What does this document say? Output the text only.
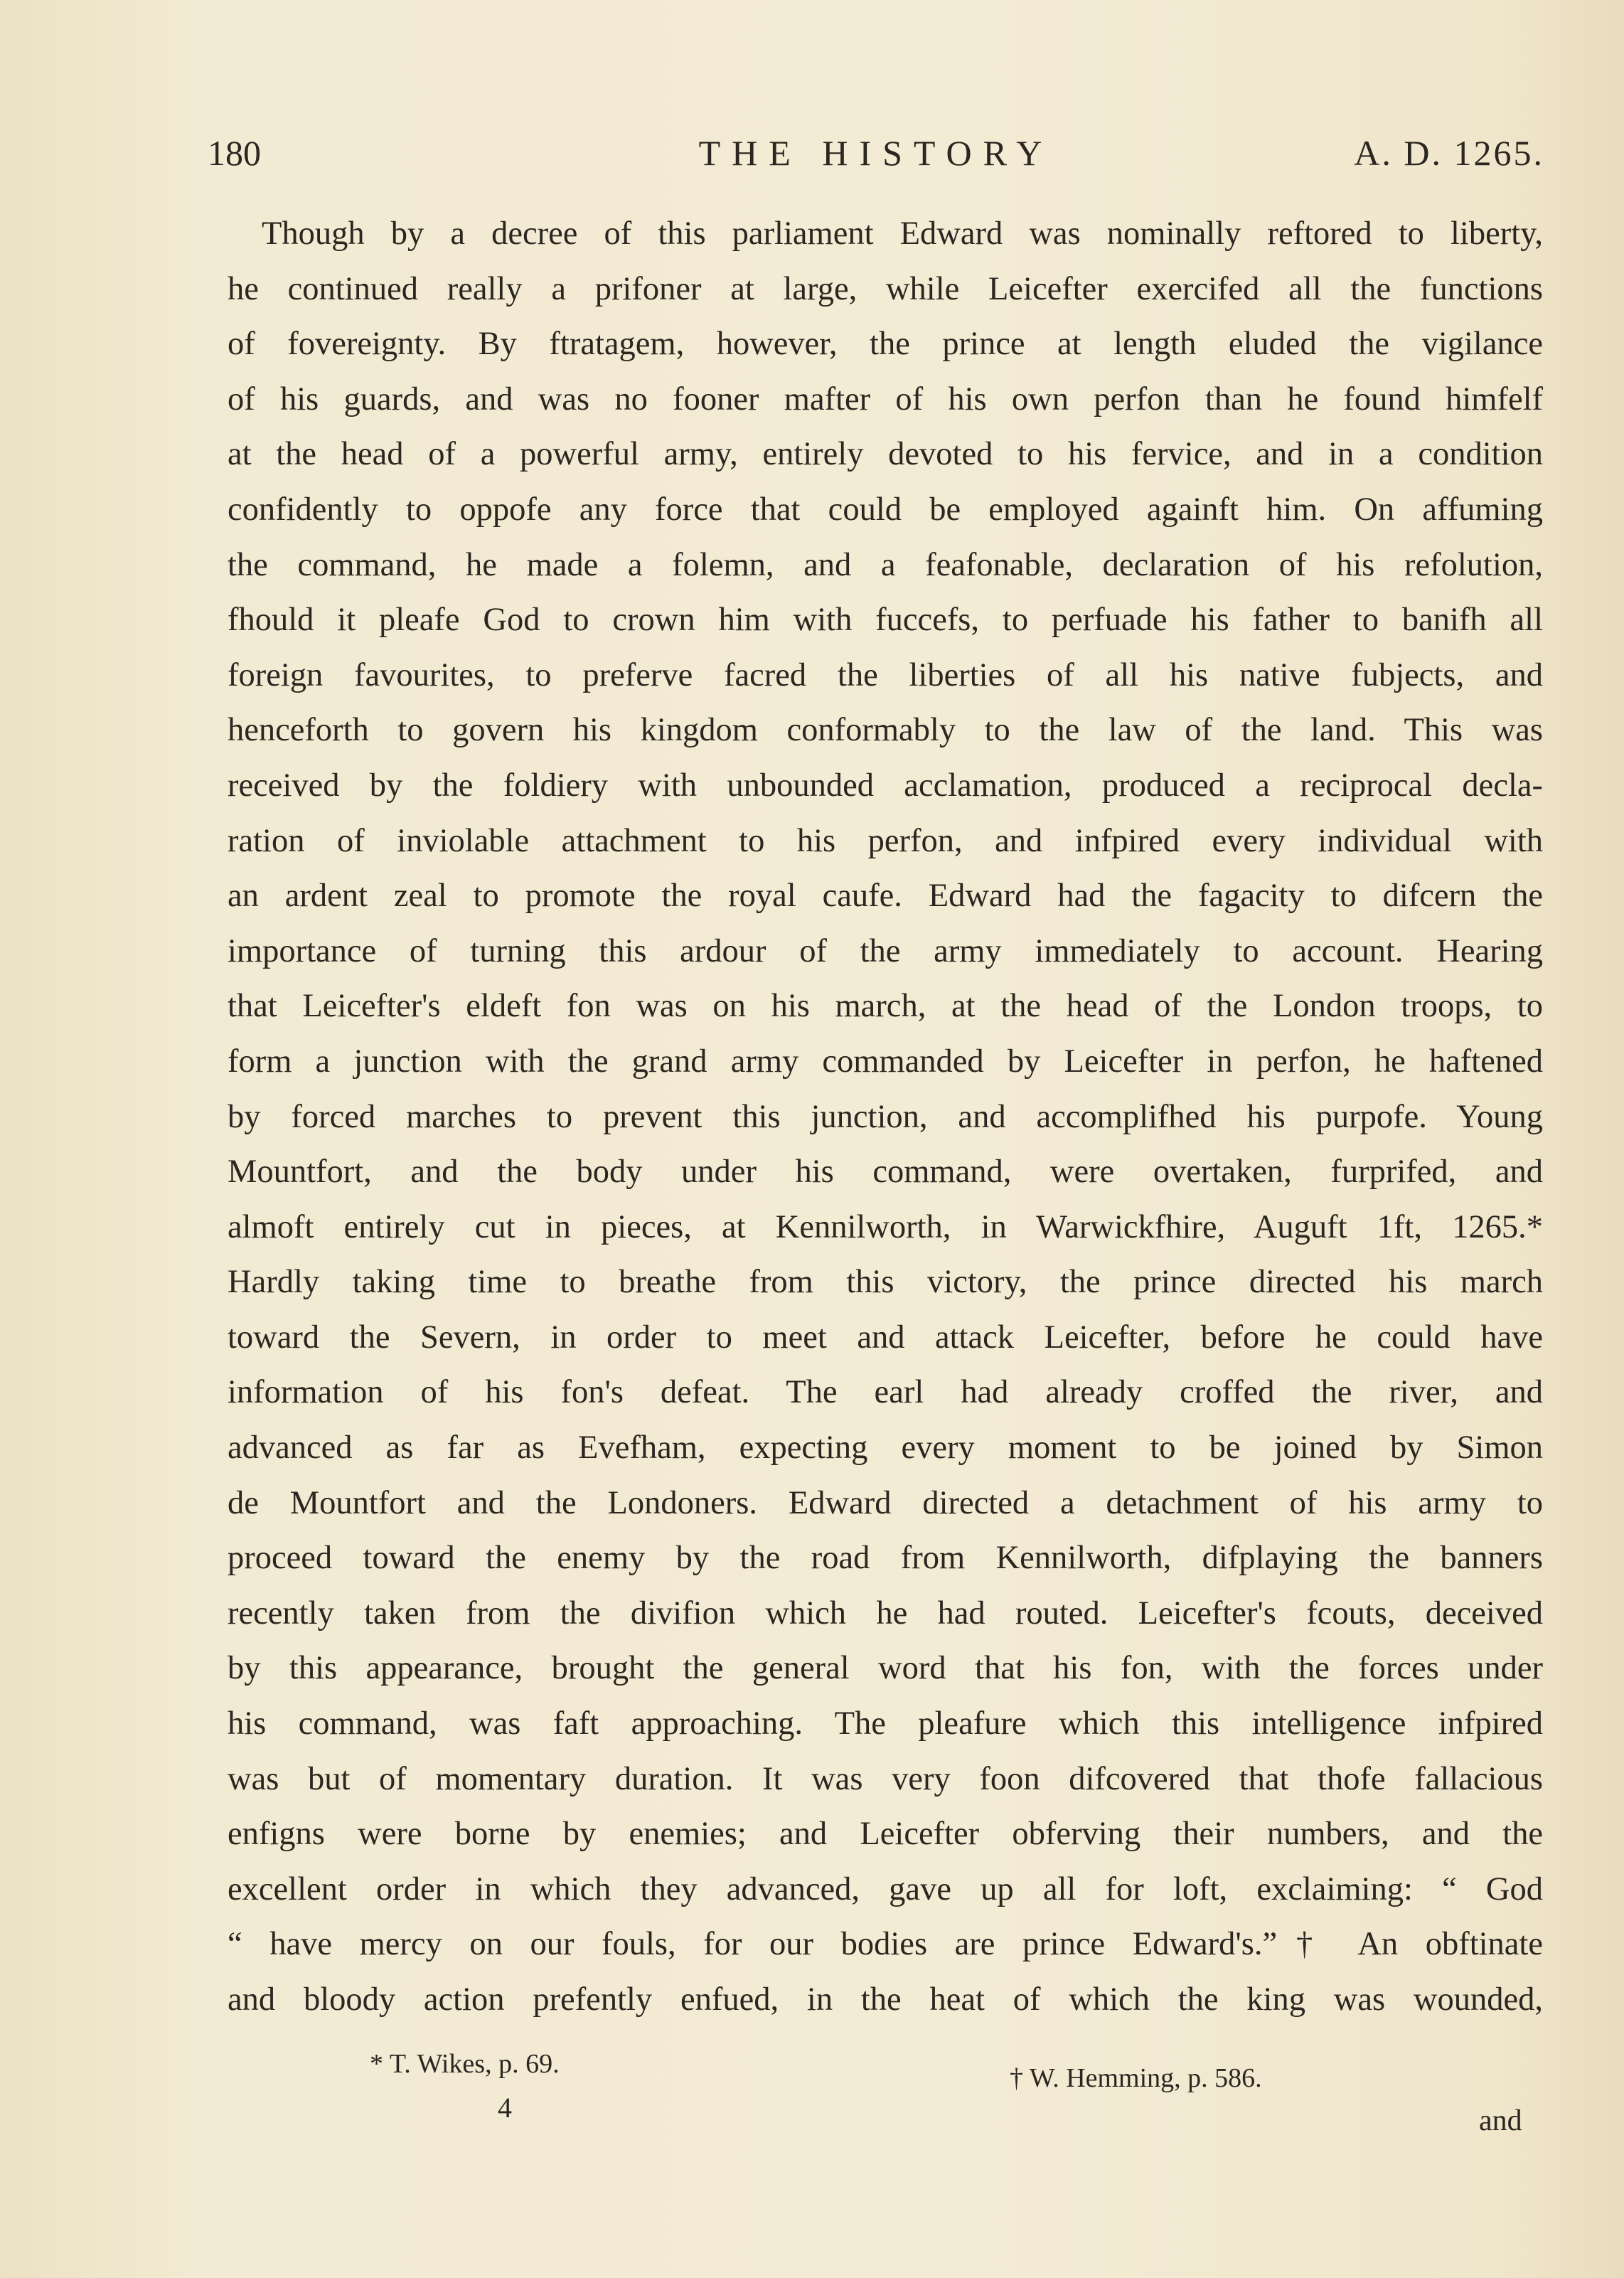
180	THE HISTORY	A. D. 1265.
Though by a decree of this parliament Edward was nominally reftored to liberty,
he continued really a prifoner at large, while Leicefter exercifed all the functions
of fovereignty. By ftratagem, however, the prince at length eluded the vigilance
of his guards, and was no fooner mafter of his own perfon than he found himfelf
at the head of a powerful army, entirely devoted to his fervice, and in a condition
confidently to oppofe any force that could be employed againft him. On affuming
the command, he made a folemn, and a feafonable, declaration of his refolution,
fhould it pleafe God to crown him with fuccefs, to perfuade his father to banifh all
foreign favourites, to preferve facred the liberties of all his native fubjects, and
henceforth to govern his kingdom conformably to the law of the land. This was
received by the foldiery with unbounded acclamation, produced a reciprocal decla-
ration of inviolable attachment to his perfon, and infpired every individual with
an ardent zeal to promote the royal caufe. Edward had the fagacity to difcern the
importance of turning this ardour of the army immediately to account. Hearing
that Leicefter's eldeft fon was on his march, at the head of the London troops, to
form a junction with the grand army commanded by Leicefter in perfon, he haftened
by forced marches to prevent this junction, and accomplifhed his purpofe. Young
Mountfort, and the body under his command, were overtaken, furprifed, and
almoft entirely cut in pieces, at Kennilworth, in Warwickfhire, Auguft 1ft, 1265.*
Hardly taking time to breathe from this victory, the prince directed his march
toward the Severn, in order to meet and attack Leicefter, before he could have
information of his fon's defeat. The earl had already croffed the river, and
advanced as far as Evefham, expecting every moment to be joined by Simon
de Mountfort and the Londoners. Edward directed a detachment of his army to
proceed toward the enemy by the road from Kennilworth, difplaying the banners
recently taken from the divifion which he had routed. Leicefter's fcouts, deceived
by this appearance, brought the general word that his fon, with the forces under
his command, was faft approaching. The pleafure which this intelligence infpired
was but of momentary duration. It was very foon difcovered that thofe fallacious
enfigns were borne by enemies; and Leicefter obferving their numbers, and the
excellent order in which they advanced, gave up all for loft, exclaiming: “ God
“ have mercy on our fouls, for our bodies are prince Edward's.”† An obftinate
and bloody action prefently enfued, in the heat of which the king was wounded,
* T. Wikes, p. 69.	† W. Hemming, p. 586.
4	and
